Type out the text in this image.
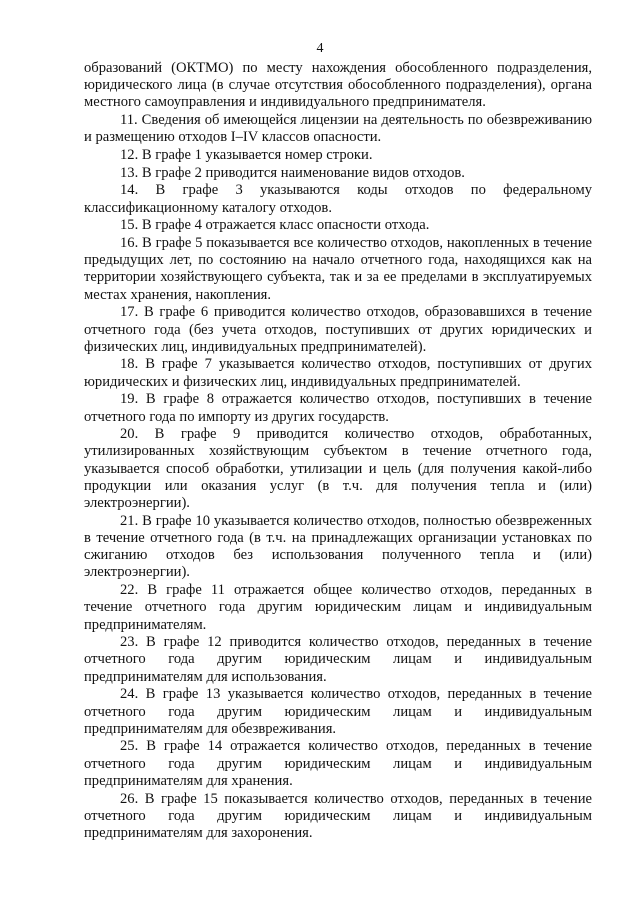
4

образований (ОКТМО) по месту нахождения обособленного подразделения, юридического лица (в случае отсутствия обособленного подразделения), органа местного самоуправления и индивидуального предпринимателя.

11. Сведения об имеющейся лицензии на деятельность по обезвреживанию и размещению отходов I–IV классов опасности.

12. В графе 1 указывается номер строки.

13. В графе 2 приводится наименование видов отходов.

14. В графе 3 указываются коды отходов по федеральному классификационному каталогу отходов.

15. В графе 4 отражается класс опасности отхода.

16. В графе 5 показывается все количество отходов, накопленных в течение предыдущих лет, по состоянию на начало отчетного года, находящихся как на территории хозяйствующего субъекта, так и за ее пределами в эксплуатируемых местах хранения, накопления.

17. В графе 6 приводится количество отходов, образовавшихся в течение отчетного года (без учета отходов, поступивших от других юридических и физических лиц, индивидуальных предпринимателей).

18. В графе 7 указывается количество отходов, поступивших от других юридических и физических лиц, индивидуальных предпринимателей.

19. В графе 8 отражается количество отходов, поступивших в течение отчетного года по импорту из других государств.

20. В графе 9 приводится количество отходов, обработанных, утилизированных хозяйствующим субъектом в течение отчетного года, указывается способ обработки, утилизации и цель (для получения какой-либо продукции или оказания услуг (в т.ч. для получения тепла и (или) электроэнергии).

21. В графе 10 указывается количество отходов, полностью обезвреженных в течение отчетного года (в т.ч. на принадлежащих организации установках по сжиганию отходов без использования полученного тепла и (или) электроэнергии).

22. В графе 11 отражается общее количество отходов, переданных в течение отчетного года другим юридическим лицам и индивидуальным предпринимателям.

23. В графе 12 приводится количество отходов, переданных в течение отчетного года другим юридическим лицам и индивидуальным предпринимателям для использования.

24. В графе 13 указывается количество отходов, переданных в течение отчетного года другим юридическим лицам и индивидуальным предпринимателям для обезвреживания.

25. В графе 14 отражается количество отходов, переданных в течение отчетного года другим юридическим лицам и индивидуальным предпринимателям для хранения.

26. В графе 15 показывается количество отходов, переданных в течение отчетного года другим юридическим лицам и индивидуальным предпринимателям для захоронения.
